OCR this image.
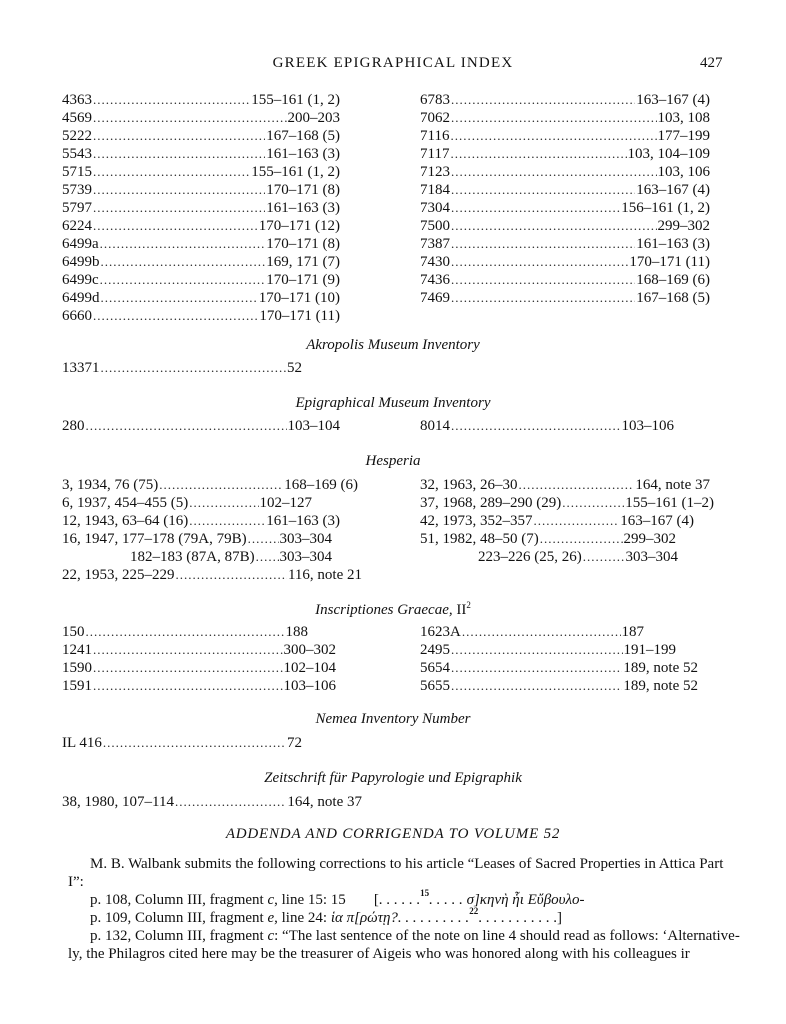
GREEK EPIGRAPHICAL INDEX	427
4363 .....	155–161 (1, 2)
4569 .....	200–203
5222 .....	167–168 (5)
5543 .....	161–163 (3)
5715 .....	155–161 (1, 2)
5739 .....	170–171 (8)
5797 .....	161–163 (3)
6224 .....	170–171 (12)
6499a .....	170–171 (8)
6499b .....	169, 171 (7)
6499c .....	170–171 (9)
6499d .....	170–171 (10)
6660 .....	170–171 (11)
6783 .....	163–167 (4)
7062 .....	103, 108
7116 .....	177–199
7117 .....	103, 104–109
7123 .....	103, 106
7184 .....	163–167 (4)
7304 .....	156–161 (1, 2)
7500 .....	299–302
7387 .....	161–163 (3)
7430 .....	170–171 (11)
7436 .....	168–169 (6)
7469 .....	167–168 (5)
Akropolis Museum Inventory
13371 .....	52
Epigraphical Museum Inventory
280 .....	103–104	8014 .....	103–106
Hesperia
3, 1934, 76 (75) .....	168–169 (6)
6, 1937, 454–455 (5) .....	102–127
12, 1943, 63–64 (16) .....	161–163 (3)
16, 1947, 177–178 (79A, 79B) ..... 303–304
182–183 (87A, 87B) ..... 303–304
22, 1953, 225–229 .....	116, note 21
32, 1963, 26–30 .....	164, note 37
37, 1968, 289–290 (29) .....	155–161 (1–2)
42, 1973, 352–357 .....	163–167 (4)
51, 1982, 48–50 (7) .....	299–302
223–226 (25, 26) .....	303–304
Inscriptiones Graecae, $II^2$
150 .....	188
1241 .....	300–302
1590 .....	102–104
1591 .....	103–106
1623A .....	187
2495 .....	191–199
5654 .....	189, note 52
5655 .....	189, note 52
Nemea Inventory Number
IL 416 .....	72
Zeitschrift für Papyrologie und Epigraphik
38, 1980, 107–114 .....	164, note 37
ADDENDA AND CORRIGENDA TO VOLUME 52
M. B. Walbank submits the following corrections to his article “Leases of Sacred Properties in Attica Part I”:
p. 108, Column III, fragment c, line 15: 15 [. . . . . .$^{15}$. . . . . σ]κηνὴ ἧι Εὔβουλο-
p. 109, Column III, fragment e, line 24: ἱα π[ρώτῃ?. . . . . . . . . .$^{22}$. . . . . . . . . . .]
p. 132, Column III, fragment c: “The last sentence of the note on line 4 should read as follows: ‘Alternative-
ly, the Philagros cited here may be the treasurer of Aigeis who was honored along with his colleagues ir
